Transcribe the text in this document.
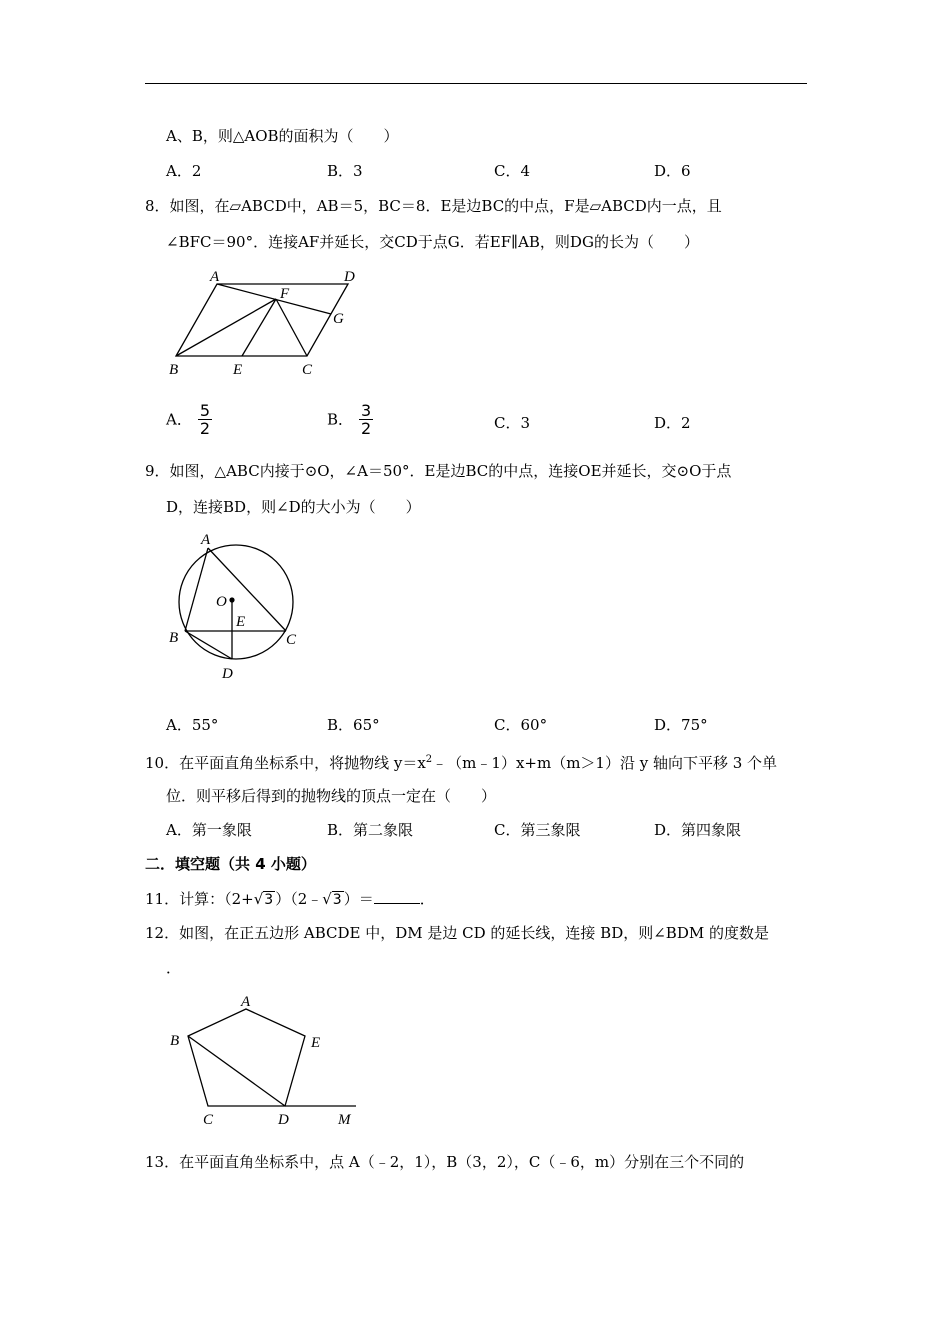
A、B，则△AOB的面积为（　　）
A．2	B．3	C．4	D．6
8．如图，在▱ABCD中，AB＝5，BC＝8．E是边BC的中点，F是▱ABCD内一点，且
∠BFC＝90°．连接AF并延长，交CD于点G．若EF∥AB，则DG的长为（　　）
A	D
F
G
B	E	C
A． $\frac{5}{2}$	B． $\frac{3}{2}$	C．3	D．2
9．如图，△ABC内接于⊙O，∠A＝50°．E是边BC的中点，连接OE并延长，交⊙O于点
D，连接BD，则∠D的大小为（　　）
A
O
E
B	C
D
A．55°	B．65°	C．60°	D．75°
10．在平面直角坐标系中，将抛物线 $y=x^2﹣(m﹣1)x+m(m>1)$沿 y 轴向下平移 3 个单
位．则平移后得到的抛物线的顶点一定在（　　）
A．第一象限	B．第二象限	C．第三象限	D．第四象限
二．填空题（共 4 小题）
11．计算：（2+√3 ）（2﹣√3 ）＝	．
12．如图，在正五边形 ABCDE 中，DM 是边 CD 的延长线，连接 BD，则∠BDM 的度数是
．
A
B	E
C	D	M
13．在平面直角坐标系中，点 A（﹣2，1），B（3，2），C（﹣6，m）分别在三个不同的
